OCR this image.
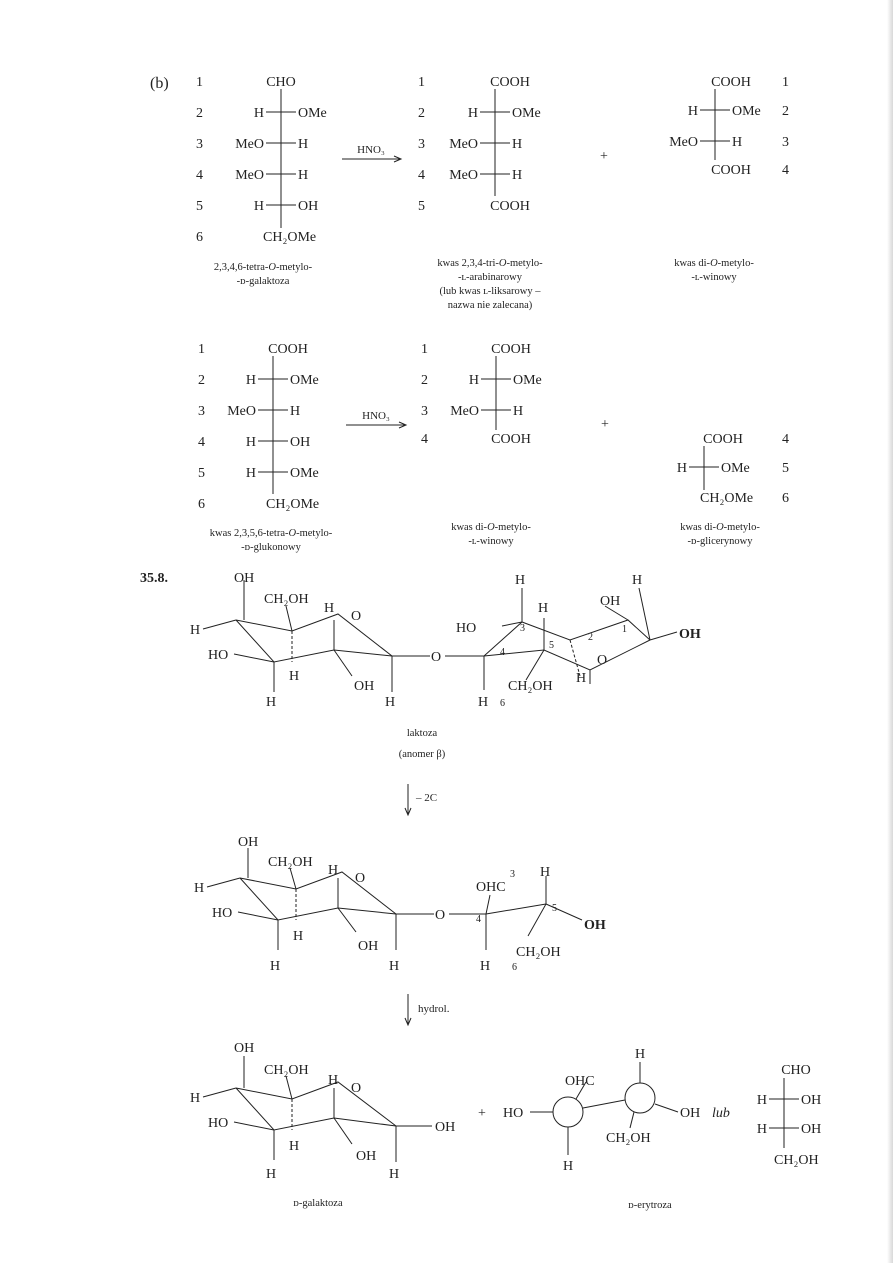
(b) 1
2
3
4
5
6
CHO
H OMe
MeO H
MeO H
H OH
CH₂OMe
2,3,4,6-tetra-O-metylo-
-ᴅ-galaktoza
HNO₃
1
2
3
4
5
COOH
H OMe
MeO H
MeO H
COOH
kwas 2,3,4-tri-O-metylo-
-ʟ-arabinarowy
(lub kwas ʟ-liksarowy –
nazwa nie zalecana)
+
COOH
H OMe
MeO H
COOH
1
2
3
4
kwas di-O-metylo-
-ʟ-winowy
1
2
3
4
5
6
COOH
H OMe
MeO H
H OH
H OMe
CH₂OMe
kwas 2,3,5,6-tetra-O-metylo-
-ᴅ-glukonowy
HNO₃
1
2
3
4
COOH
H OMe
MeO H
COOH
kwas di-O-metylo-
-ʟ-winowy
+
COOH
H OMe
CH₂OMe
4
5
6
kwas di-O-metylo-
-ᴅ-glicerynowy
35.8.	OH
CH₂OH
H
O
H
HO
H
H
OH
H
O
H	H
H	OH
OH
HO
O
CH₂OH
H
H
1
2
3
4
5
6
laktoza
(anomer β)
– 2C
OH
CH₂OH
H
O
H
HO
H
H
OH
H
O
OHC
3
4
5
H
OH
CH₂OH
H 6
hydrol.
OH
CH₂OH
H
O
H
HO
H
H
OH
H
OH
ᴅ-galaktoza
+
OHC
HO
H
H
OH
CH₂OH
lub
ᴅ-erytroza
CHO
H OH
H OH
CH₂OH
